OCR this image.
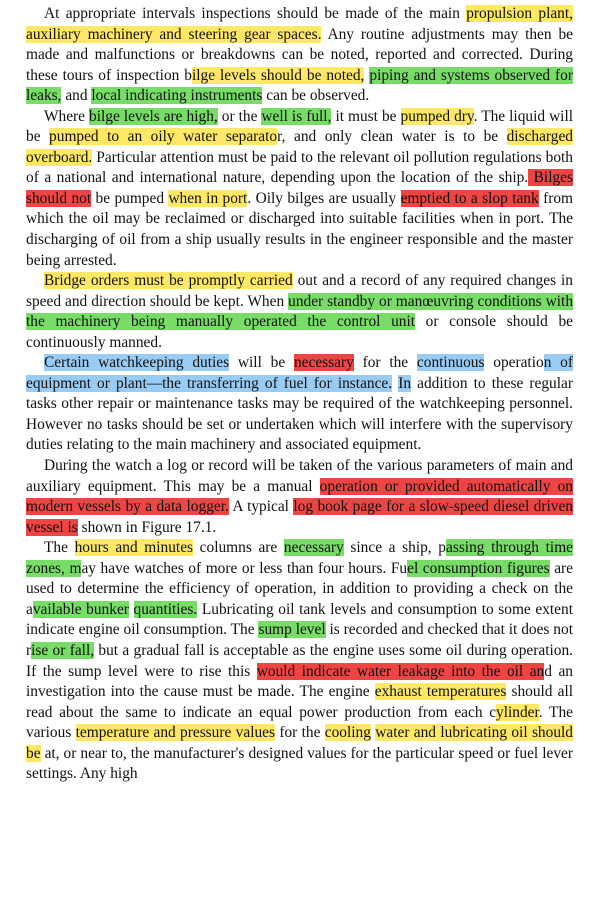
At appropriate intervals inspections should be made of the main propulsion plant, auxiliary machinery and steering gear spaces. Any routine adjustments may then be made and malfunctions or breakdowns can be noted, reported and corrected. During these tours of inspection bilge levels should be noted, piping and systems observed for leaks, and local indicating instruments can be observed.

Where bilge levels are high, or the well is full, it must be pumped dry. The liquid will be pumped to an oily water separator, and only clean water is to be discharged overboard. Particular attention must be paid to the relevant oil pollution regulations both of a national and international nature, depending upon the location of the ship. Bilges should not be pumped when in port. Oily bilges are usually emptied to a slop tank from which the oil may be reclaimed or discharged into suitable facilities when in port. The discharging of oil from a ship usually results in the engineer responsible and the master being arrested.

Bridge orders must be promptly carried out and a record of any required changes in speed and direction should be kept. When under standby or manœuvring conditions with the machinery being manually operated the control unit or console should be continuously manned.

Certain watchkeeping duties will be necessary for the continuous operation of equipment or plant—the transferring of fuel for instance. In addition to these regular tasks other repair or maintenance tasks may be required of the watchkeeping personnel. However no tasks should be set or undertaken which will interfere with the supervisory duties relating to the main machinery and associated equipment.

During the watch a log or record will be taken of the various parameters of main and auxiliary equipment. This may be a manual operation or provided automatically on modern vessels by a data logger. A typical log book page for a slow-speed diesel driven vessel is shown in Figure 17.1.

The hours and minutes columns are necessary since a ship, passing through time zones, may have watches of more or less than four hours. Fuel consumption figures are used to determine the efficiency of operation, in addition to providing a check on the available bunker quantities. Lubricating oil tank levels and consumption to some extent indicate engine oil consumption. The sump level is recorded and checked that it does not rise or fall, but a gradual fall is acceptable as the engine uses some oil during operation. If the sump level were to rise this would indicate water leakage into the oil and an investigation into the cause must be made. The engine exhaust temperatures should all read about the same to indicate an equal power production from each cylinder. The various temperature and pressure values for the cooling water and lubricating oil should be at, or near to, the manufacturer's designed values for the particular speed or fuel lever settings. Any high
